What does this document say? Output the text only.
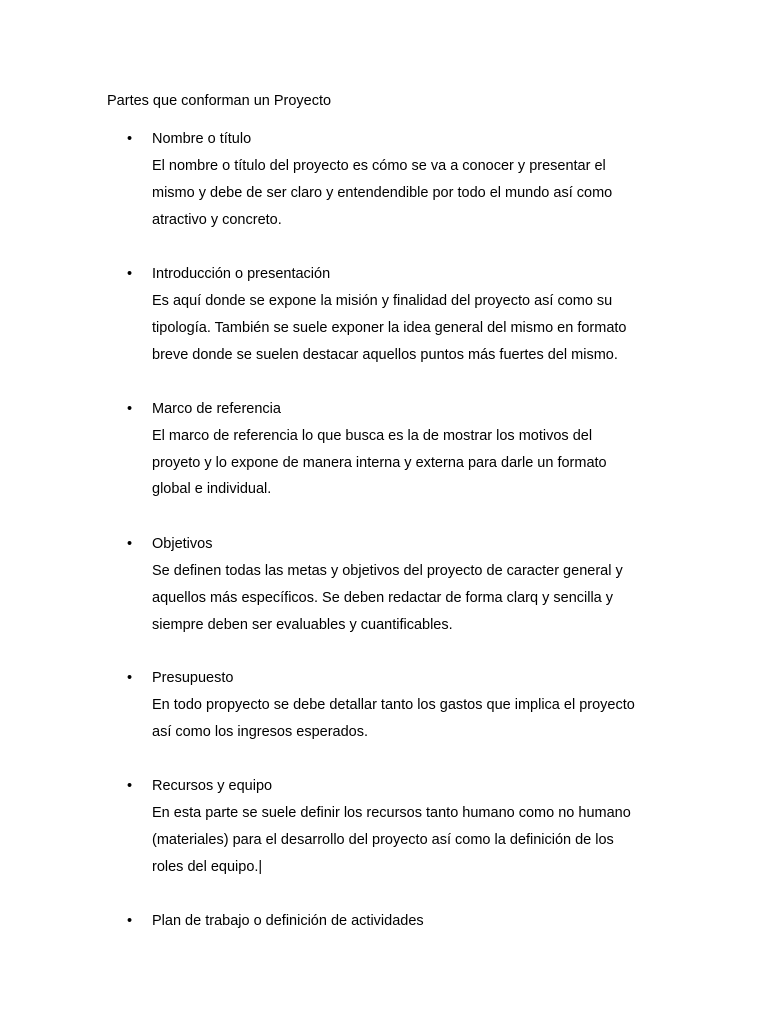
Partes que conforman un Proyecto
• Nombre o título
El nombre o título del proyecto es cómo se va a conocer y presentar el
mismo y debe de ser claro y entendendible por todo el mundo así como
atractivo y concreto.
• Introducción o presentación
Es aquí donde se expone la misión y finalidad del proyecto así como su
tipología. También se suele exponer la idea general del mismo en formato
breve donde se suelen destacar aquellos puntos más fuertes del mismo.
• Marco de referencia
El marco de referencia lo que busca es la de mostrar los motivos del
proyeto y lo expone de manera interna y externa para darle un formato
global e individual.
• Objetivos
Se definen todas las metas y objetivos del proyecto de caracter general y
aquellos más específicos. Se deben redactar de forma clarq y sencilla y
siempre deben ser evaluables y cuantificables.
• Presupuesto
En todo propyecto se debe detallar tanto los gastos que implica el proyecto
así como los ingresos esperados.
• Recursos y equipo
En esta parte se suele definir los recursos tanto humano como no humano
(materiales) para el desarrollo del proyecto así como la definición de los
roles del equipo.|
• Plan de trabajo o definición de actividades
